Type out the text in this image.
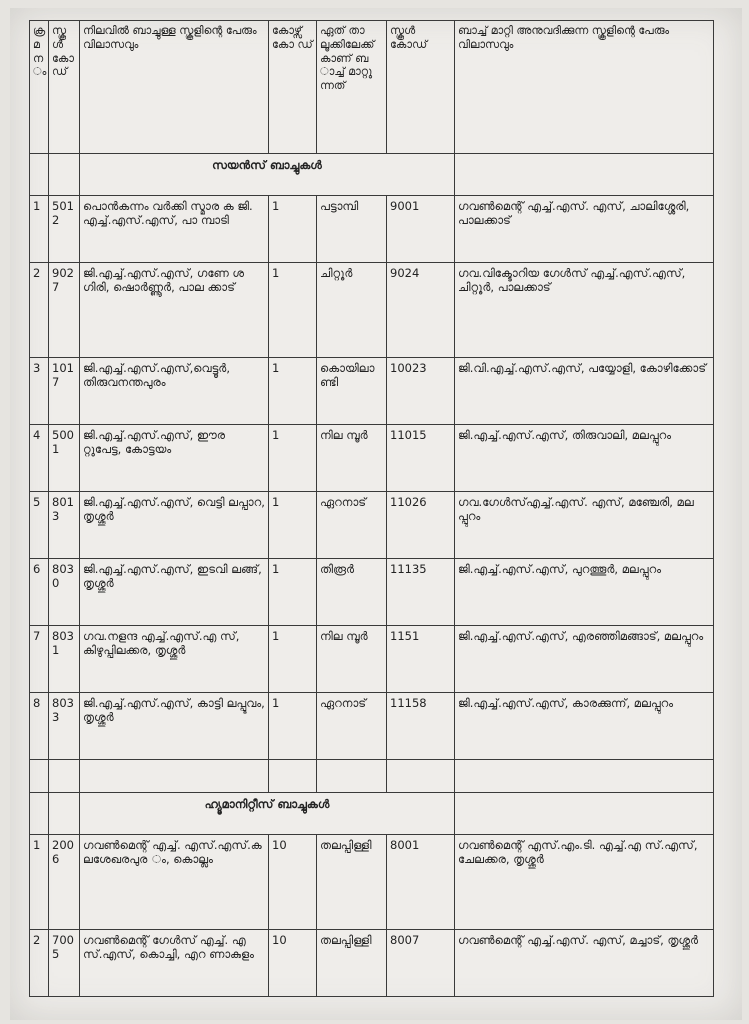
ക്ര മ ന ം	സ്കൂ ൾ കോ ഡ്	നിലവിൽ ബാച്ചുള്ള സ്കൂളിന്റെ പേരും വിലാസവും	കോഴ്സ് കോ ഡ്	ഏത് താ ലൂക്കിലേക്ക് കാണ് ബ ാച്ച് മാറ്റു ന്നത്	സ്കൂൾ കോഡ്	ബാച്ച് മാറ്റി അനുവദിക്കുന്ന സ്കൂളിന്റെ പേരും വിലാസവും
		സയൻസ് ബാച്ചുകൾ				
1	5012	പൊൻകന്നം വർക്കി സ്മാര ക ജി.എച്ച്.എസ്.എസ്, പാ മ്പാടി	1	പട്ടാമ്പി	9001	ഗവൺമെന്റ് എച്ച്.എസ്. എസ്, ചാലിശ്ശേരി, പാലക്കാട്
2	902 7	ജി.എച്ച്.എസ്.എസ്, ഗണേ ശഗിരി, ഷൊർണ്ണൂർ, പാല ക്കാട്	1	ചിറ്റൂർ	9024	ഗവ.വിക്ടോറിയ ഗേൾസ് എച്ച്.എസ്.എസ്, ചിറ്റൂർ, പാലക്കാട്
3	1017	ജി.എച്ച്.എസ്.എസ്,വെട്ടൂർ, തിരുവനന്തപുരം	1	കൊയിലാ ണ്ടി	10023	ജി.വി.എച്ച്.എസ്.എസ്, പയ്യോളി, കോഴിക്കോട്
4	5001	ജി.എച്ച്.എസ്.എസ്, ഈര റ്റുപേട്ട, കോട്ടയം	1	നില മ്പൂർ	11015	ജി.എച്ച്.എസ്.എസ്, തിരുവാലി, മലപ്പുറം
5	8013	ജി.എച്ച്.എസ്.എസ്, വെട്ടി ലപ്പാറ, തൃശ്ശൂർ	1	ഏറനാട്	11026	ഗവ.ഗേൾസ്എച്ച്.എസ്. എസ്, മഞ്ചേരി, മലപ്പുറം
6	803 0	ജി.എച്ച്.എസ്.എസ്, ഇടവി ലങ്ങ്, തൃശ്ശൂർ	1	തിരൂർ	11135	ജി.എച്ച്.എസ്.എസ്, പുറത്തൂർ, മലപ്പുറം
7	8031	ഗവ.നളന്ദ എച്ച്.എസ്.എ സ്, കിഴുപ്പിലക്കര, തൃശ്ശൂർ	1	നില മ്പൂർ	1151	ജി.എച്ച്.എസ്.എസ്, എരഞ്ഞിമങ്ങാട്, മലപ്പുറം
8	803 3	ജി.എച്ച്.എസ്.എസ്, കാട്ടി ലപ്പൂവം, തൃശ്ശൂർ	1	ഏറനാട്	11158	ജി.എച്ച്.എസ്.എസ്, കാരക്കുന്ന്, മലപ്പുറം

		ഹ്യൂമാനിറ്റീസ് ബാച്ചുകൾ				
1	200 6	ഗവൺമെന്റ് എച്ച്. എസ്.എസ്.കലശേഖരപുര ം, കൊല്ലം	10	തലപ്പിള്ളി	8001	ഗവൺമെന്റ് എസ്.എം.ടി. എച്ച്.എ സ്.എസ്, ചേലക്കര, തൃശ്ശൂർ
2	700 5	ഗവൺമെന്റ് ഗേൾസ് എച്ച്. എസ്.എസ്, കൊച്ചി, എറ ണാകുളം	10	തലപ്പിള്ളി	8007	ഗവൺമെന്റ് എച്ച്.എസ്. എസ്, മച്ചാട്, തൃശ്ശൂർ
